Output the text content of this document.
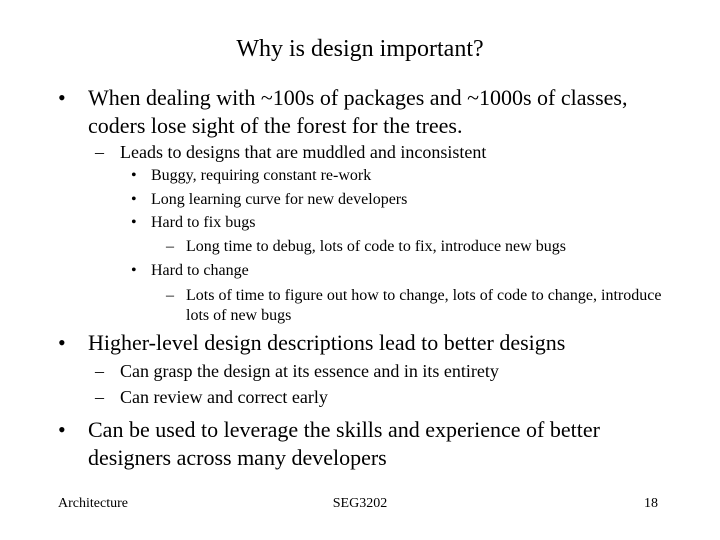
Why is design important?
• When dealing with ~100s of packages and ~1000s of classes, coders lose sight of the forest for the trees.
– Leads to designs that are muddled and inconsistent
• Buggy, requiring constant re-work
• Long learning curve for new developers
• Hard to fix bugs
– Long time to debug, lots of code to fix, introduce new bugs
• Hard to change
– Lots of time to figure out how to change, lots of code to change, introduce lots of new bugs
• Higher-level design descriptions lead to better designs
– Can grasp the design at its essence and in its entirety
– Can review and correct early
• Can be used to leverage the skills and experience of better designers across many developers
Architecture	SEG3202	18
